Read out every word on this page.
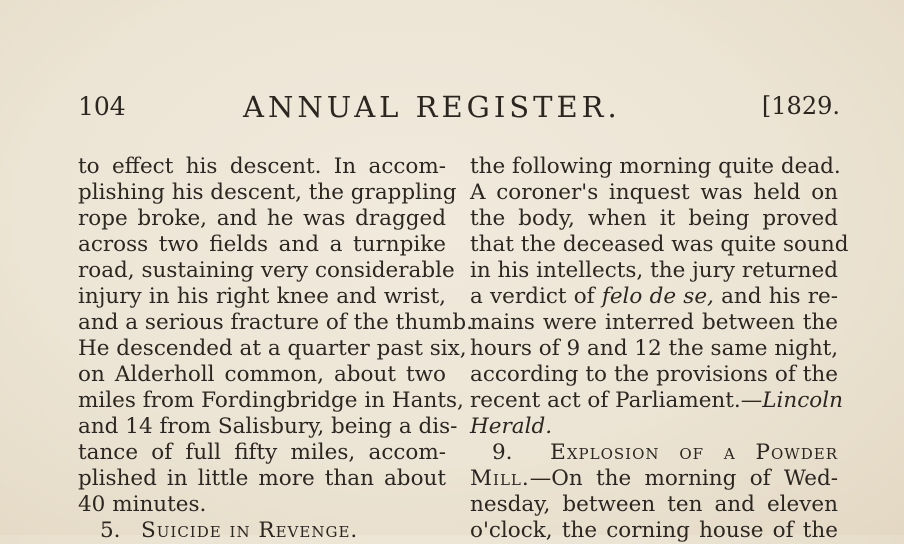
104	ANNUAL REGISTER.	[1829.
to effect his descent. In accom-
plishing his descent, the grappling
rope broke, and he was dragged
across two fields and a turnpike
road, sustaining very considerable
injury in his right knee and wrist,
and a serious fracture of the thumb.
He descended at a quarter past six,
on Alderholl common, about two
miles from Fordingbridge in Hants,
and 14 from Salisbury, being a dis-
tance of full fifty miles, accom-
plished in little more than about
40 minutes.
5. Suicide in Revenge.
the following morning quite dead.
A coroner's inquest was held on
the body, when it being proved
that the deceased was quite sound
in his intellects, the jury returned
a verdict of felo de se, and his re-
mains were interred between the
hours of 9 and 12 the same night,
according to the provisions of the
recent act of Parliament.—Lincoln
Herald.
9. Explosion of a Powder
Mill.—On the morning of Wed-
nesday, between ten and eleven
o'clock, the corning house of the
